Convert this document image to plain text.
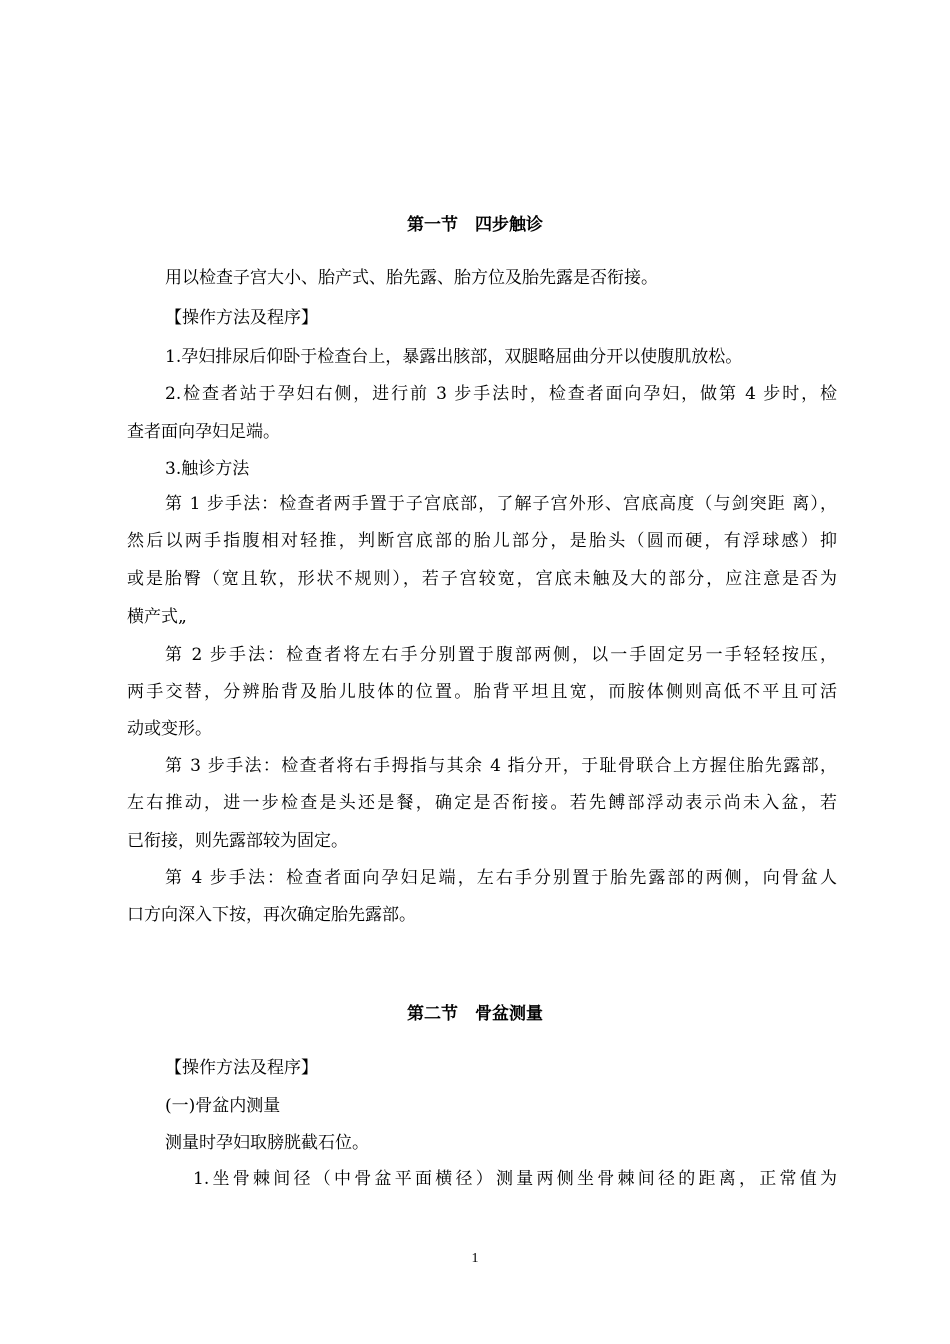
第一节　四步触诊
用以检查子宫大小、胎产式、胎先露、胎方位及胎先露是否衔接。
【操作方法及程序】
1.孕妇排尿后仰卧于检查台上，暴露出胲部，双腿略屈曲分开以使腹肌放松。
2.检查者站于孕妇右侧，进行前 3 步手法时，检查者面向孕妇，做第 4 步时，检
查者面向孕妇足端。
3.触诊方法
第 1 步手法：检查者两手置于子宫底部，了解子宫外形、宫底高度（与剑突距 离），
然后以两手指腹相对轻推，判断宫底部的胎儿部分，是胎头（圆而硬，有浮球感）抑
或是胎臀（宽且软，形状不规则），若子宫较宽，宫底未触及大的部分，应注意是否为
横产式„
第 2 步手法：检查者将左右手分别置于腹部两侧，以一手固定另一手轻轻按压，
两手交替，分辨胎背及胎儿肢体的位置。胎背平坦且宽，而胺体侧则高低不平且可活
动或变形。
第 3 步手法：检查者将右手拇指与其余 4 指分开，于耻骨联合上方握住胎先露部，
左右推动，进一步检查是头还是餐，确定是否衔接。若先餺部浮动表示尚未入盆，若
已衔接，则先露部较为固定。
第 4 步手法：检查者面向孕妇足端，左右手分别置于胎先露部的两侧，向骨盆人
口方向深入下按，再次确定胎先露部。
第二节　骨盆测量
【操作方法及程序】
(一)骨盆内测量
测量时孕妇取膀胱截石位。
1.坐骨棘间径（中骨盆平面横径）测量两侧坐骨棘间径的距离，正常值为
1
